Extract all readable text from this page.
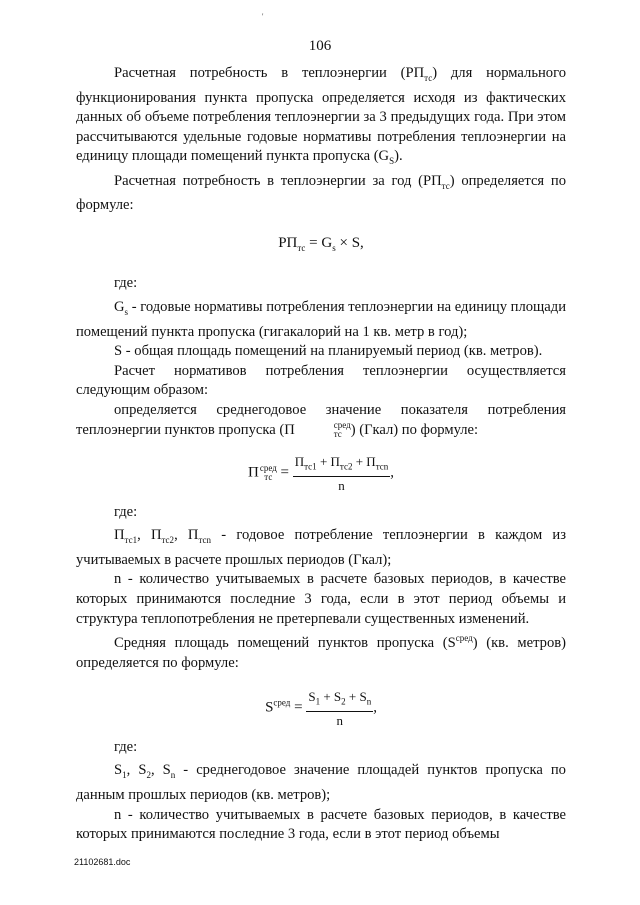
'
106

Расчетная потребность в теплоэнергии $(РП_{тс})$ для нормального функционирования пункта пропуска определяется исходя из фактических данных об объеме потребления теплоэнергии за 3 предыдущих года. При этом рассчитываются удельные годовые нормативы потребления теплоэнергии на единицу площади помещений пункта пропуска $(G_S)$.

Расчетная потребность в теплоэнергии за год $(РП_{тс})$ определяется по формуле:

$РП_{тс} = G_s \times S$,

где:

$G_s$ - годовые нормативы потребления теплоэнергии на единицу площади помещений пункта пропуска (гигакалорий на 1 кв. метр в год);

S - общая площадь помещений на планируемый период (кв. метров).

Расчет нормативов потребления теплоэнергии осуществляется следующим образом:

определяется среднегодовое значение показателя потребления теплоэнергии пунктов пропуска (П	сред
тс ) (Гкал) по формуле:

П сред
тс = $\frac{П_{тс1} + П_{тс2} + П_{тсn}}{n}$ ,

где:

$П_{тс1}$, $П_{тс2}$, $П_{тсn}$ - годовое потребление теплоэнергии в каждом из учитываемых в расчете прошлых периодов (Гкал);

n - количество учитываемых в расчете базовых периодов, в качестве которых принимаются последние 3 года, если в этот период объемы и структура теплопотребления не претерпевали существенных изменений.

Средняя площадь помещений пунктов пропуска $(S^{сред})$ (кв. метров) определяется по формуле:

$S^{сред} = \frac{S_1 + S_2 + S_n}{n}$ ,

где:

$S_1$, $S_2$, $S_n$ - среднегодовое значение площадей пунктов пропуска по данным прошлых периодов (кв. метров);

n - количество учитываемых в расчете базовых периодов, в качестве которых принимаются последние 3 года, если в этот период объемы

21102681.doc
